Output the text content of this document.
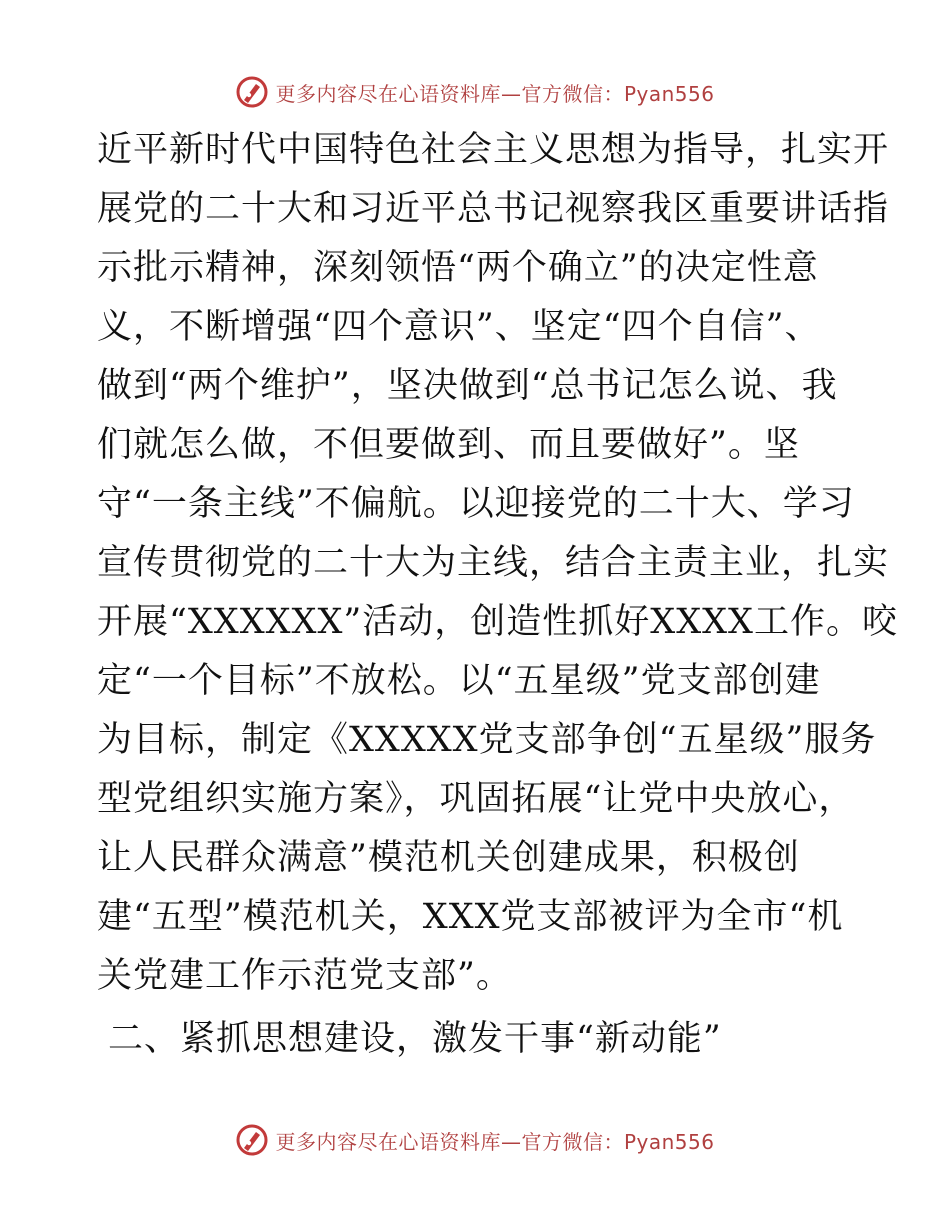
更多内容尽在心语资料库—官方微信：Pyan556
近平新时代中国特色社会主义思想为指导，扎实开
展党的二十大和习近平总书记视察我区重要讲话指
示批示精神，深刻领悟“两个确立”的决定性意
义，不断增强“四个意识”、坚定“四个自信”、
做到“两个维护”，坚决做到“总书记怎么说、我
们就怎么做，不但要做到、而且要做好”。坚
守“一条主线”不偏航。以迎接党的二十大、学习
宣传贯彻党的二十大为主线，结合主责主业，扎实
开展“XXXXXX”活动，创造性抓好XXXX工作。咬
定“一个目标”不放松。以“五星级”党支部创建
为目标，制定《XXXXX党支部争创“五星级”服务
型党组织实施方案》，巩固拓展“让党中央放心，
让人民群众满意”模范机关创建成果，积极创
建“五型”模范机关，XXX党支部被评为全市“机
关党建工作示范党支部”。
二、紧抓思想建设，激发干事“新动能”
更多内容尽在心语资料库—官方微信：Pyan556
